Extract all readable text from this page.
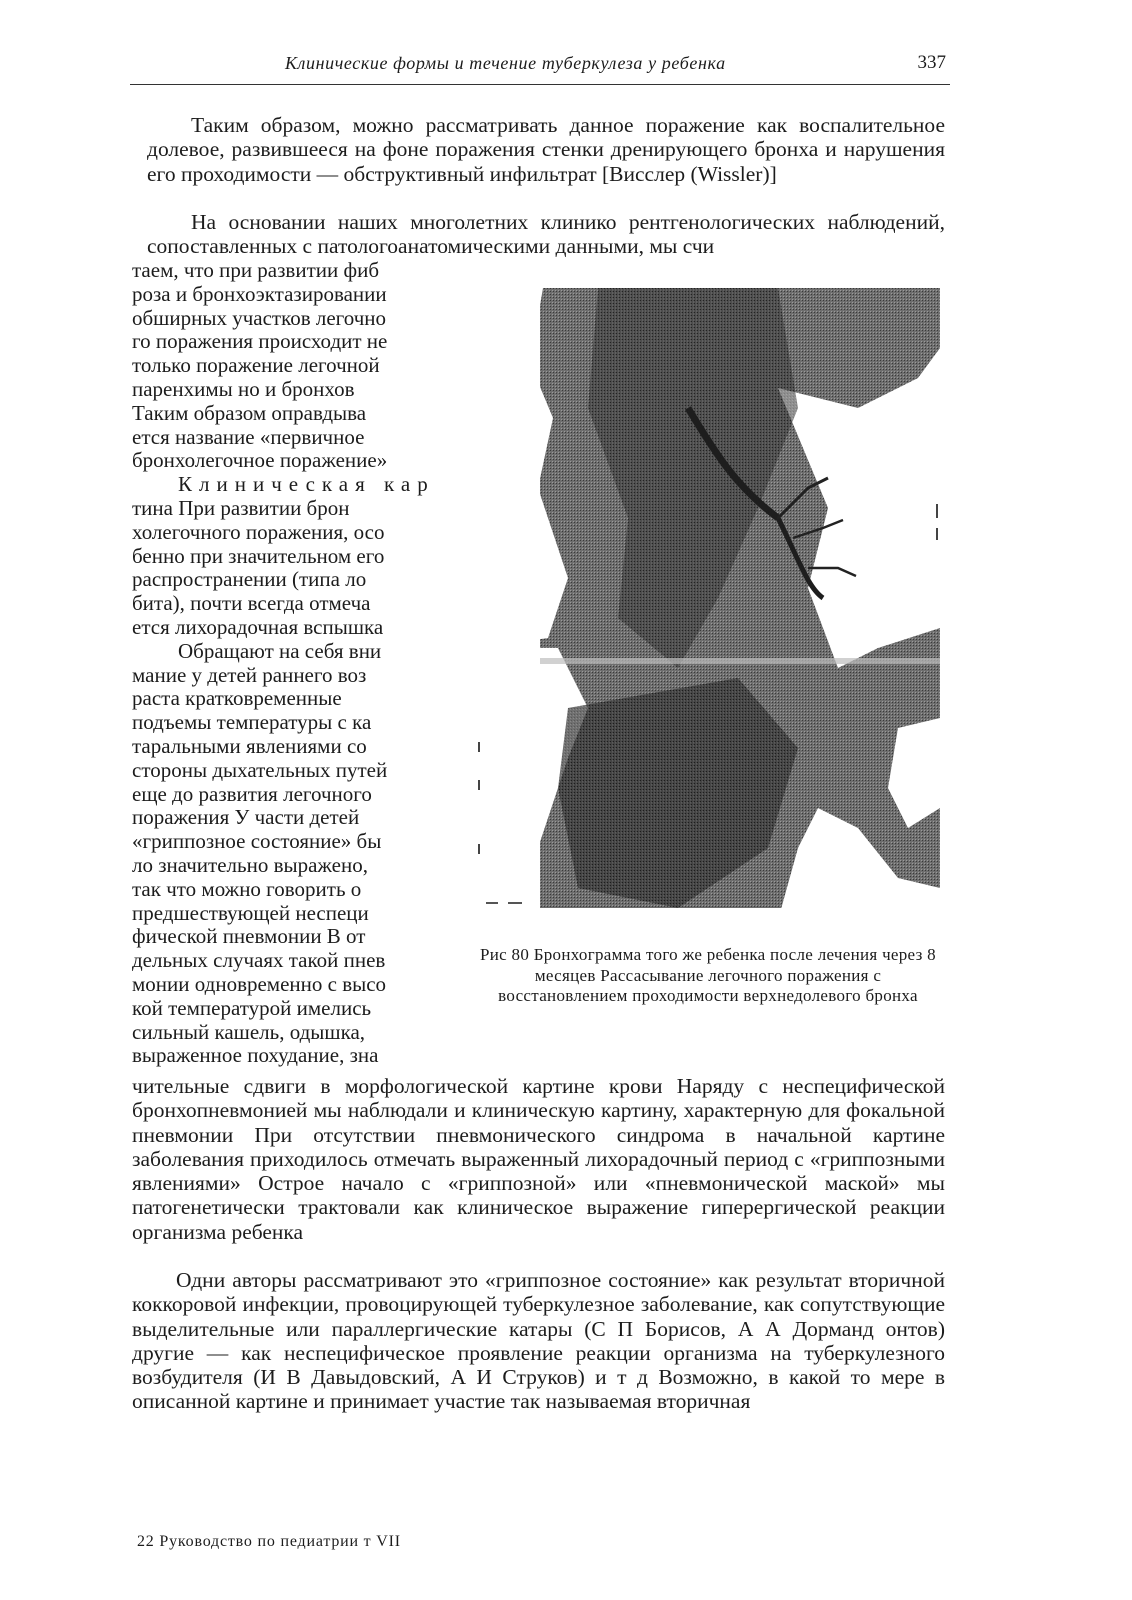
Клинические формы и течение туберкулеза у ребенка	337

Таким образом, можно рассматривать данное поражение как воспалительное долевое, развившееся на фоне поражения стенки дренирующего бронха и нарушения его проходимости — обструктивный инфильтрат [Висслер (Wissler)]

На основании наших многолетних клинико рентгенологических наблюдений, сопоставленных с патологоанатомическими данными, мы счи

таем, что при развитии фиб
роза и бронхоэктазировании
обширных участков легочно
го поражения происходит не
только поражение легочной
паренхимы но и бронхов
Таким образом оправдыва
ется название «первичное
бронхолегочное поражение»
Клиническая кар
тина При развитии брон
холегочного поражения, осо
бенно при значительном его
распространении (типа ло
бита), почти всегда отмеча
ется лихорадочная вспышка
Обращают на себя вни
мание у детей раннего воз
раста кратковременные
подъемы температуры с ка
таральными явлениями со
стороны дыхательных путей
еще до развития легочного
поражения У части детей
«гриппозное состояние» бы
ло значительно выражено,
так что можно говорить о
предшествующей неспеци
фической пневмонии В от
дельных случаях такой пнев
монии одновременно с высо
кой температурой имелись
сильный кашель, одышка,
выраженное похудание, зна
Рис 80 Бронхограмма того же ребенка после лечения через 8 месяцев Рассасывание легочного поражения с восстановлением проходимости верхнедолевого бронха

чительные сдвиги в морфологической картине крови Наряду с неспецифической бронхопневмонией мы наблюдали и клиническую картину, характерную для фокальной пневмонии При отсутствии пневмонического синдрома в начальной картине заболевания приходилось отмечать выраженный лихорадочный период с «гриппозными явлениями» Острое начало с «гриппозной» или «пневмонической маской» мы патогенетически трактовали как клиническое выражение гиперергической реакции организма ребенка

Одни авторы рассматривают это «гриппозное состояние» как результат вторичной коккоровой инфекции, провоцирующей туберкулезное заболевание, как сопутствующие выделительные или параллергические катары (С П Борисов, А А Дорманд онтов) другие — как неспецифическое проявление реакции организма на туберкулезного возбудителя (И В Давыдовский, А И Струков) и т д Возможно, в какой то мере в описанной картине и принимает участие так называемая вторичная

22 Руководство по педиатрии т VII
